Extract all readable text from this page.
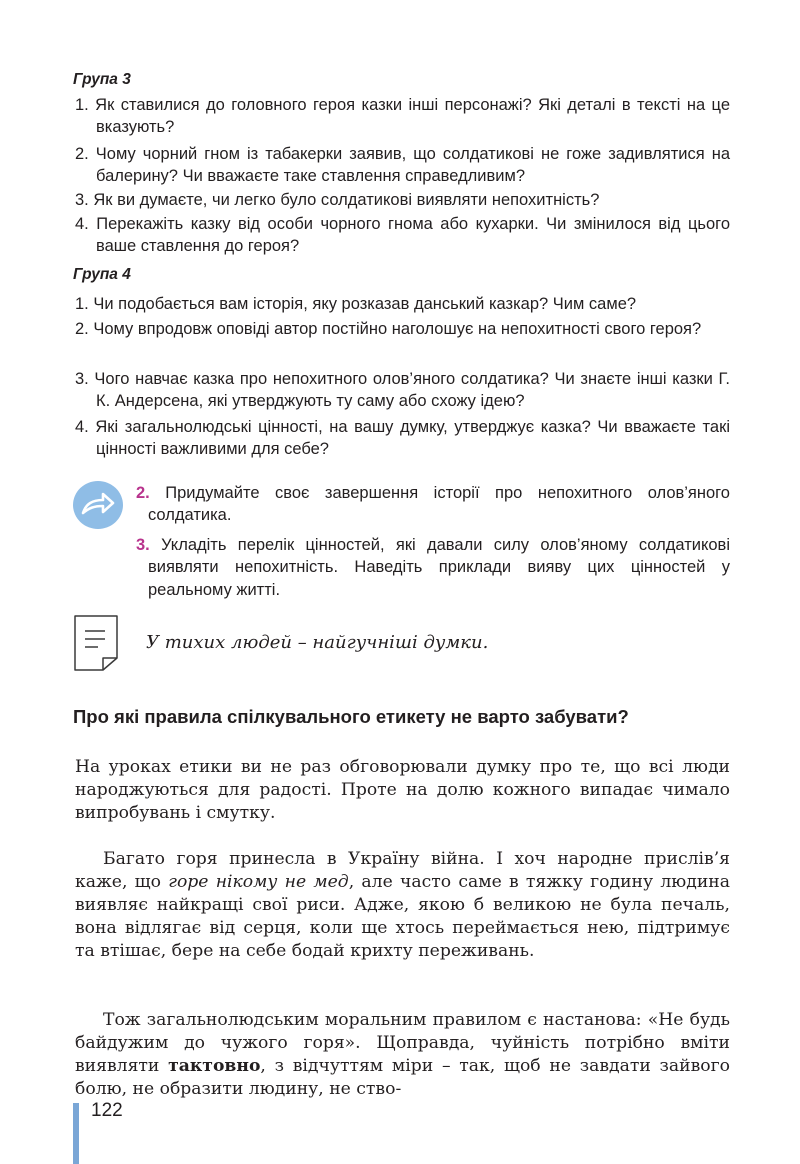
Група 3
1. Як ставилися до головного героя казки інші персонажі? Які деталі в тексті на це вказують?
2. Чому чорний гном із табакерки заявив, що солдатикові не гоже задивлятися на балерину? Чи вважаєте таке ставлення справедливим?
3. Як ви думаєте, чи легко було солдатикові виявляти непохитність?
4. Перекажіть казку від особи чорного гнома або кухарки. Чи змінилося від цього ваше ставлення до героя?
Група 4
1. Чи подобається вам історія, яку розказав данський казкар? Чим саме?
2. Чому впродовж оповіді автор постійно наголошує на непохитності свого героя?
3. Чого навчає казка про непохитного олов’яного солдатика? Чи знаєте інші казки Г. К. Андерсена, які утверджують ту саму або схожу ідею?
4. Які загальнолюдські цінності, на вашу думку, утверджує казка? Чи вважаєте такі цінності важливими для себе?
2. Придумайте своє завершення історії про непохитного олов’яного солдатика.
3. Укладіть перелік цінностей, які давали силу олов’яному солдатикові виявляти непохитність. Наведіть приклади вияву цих цінностей у реальному житті.
У тихих людей – найгучніші думки.
Про які правила спілкувального етикету не варто забувати?
На уроках етики ви не раз обговорювали думку про те, що всі люди народжуються для радості. Проте на долю кожного випадає чимало випробувань і смутку.
Багато горя принесла в Україну війна. І хоч народне прислів’я каже, що горе нікому не мед, але часто саме в тяжку годину людина виявляє найкращі свої риси. Адже, якою б великою не була печаль, вона відлягає від серця, коли ще хтось переймається нею, підтримує та втішає, бере на себе бодай крихту переживань.
Тож загальнолюдським моральним правилом є настанова: «Не будь байдужим до чужого горя». Щоправда, чуйність потрібно вміти виявляти тактовно, з відчуттям міри – так, щоб не завдати зайвого болю, не образити людину, не ство-
122
